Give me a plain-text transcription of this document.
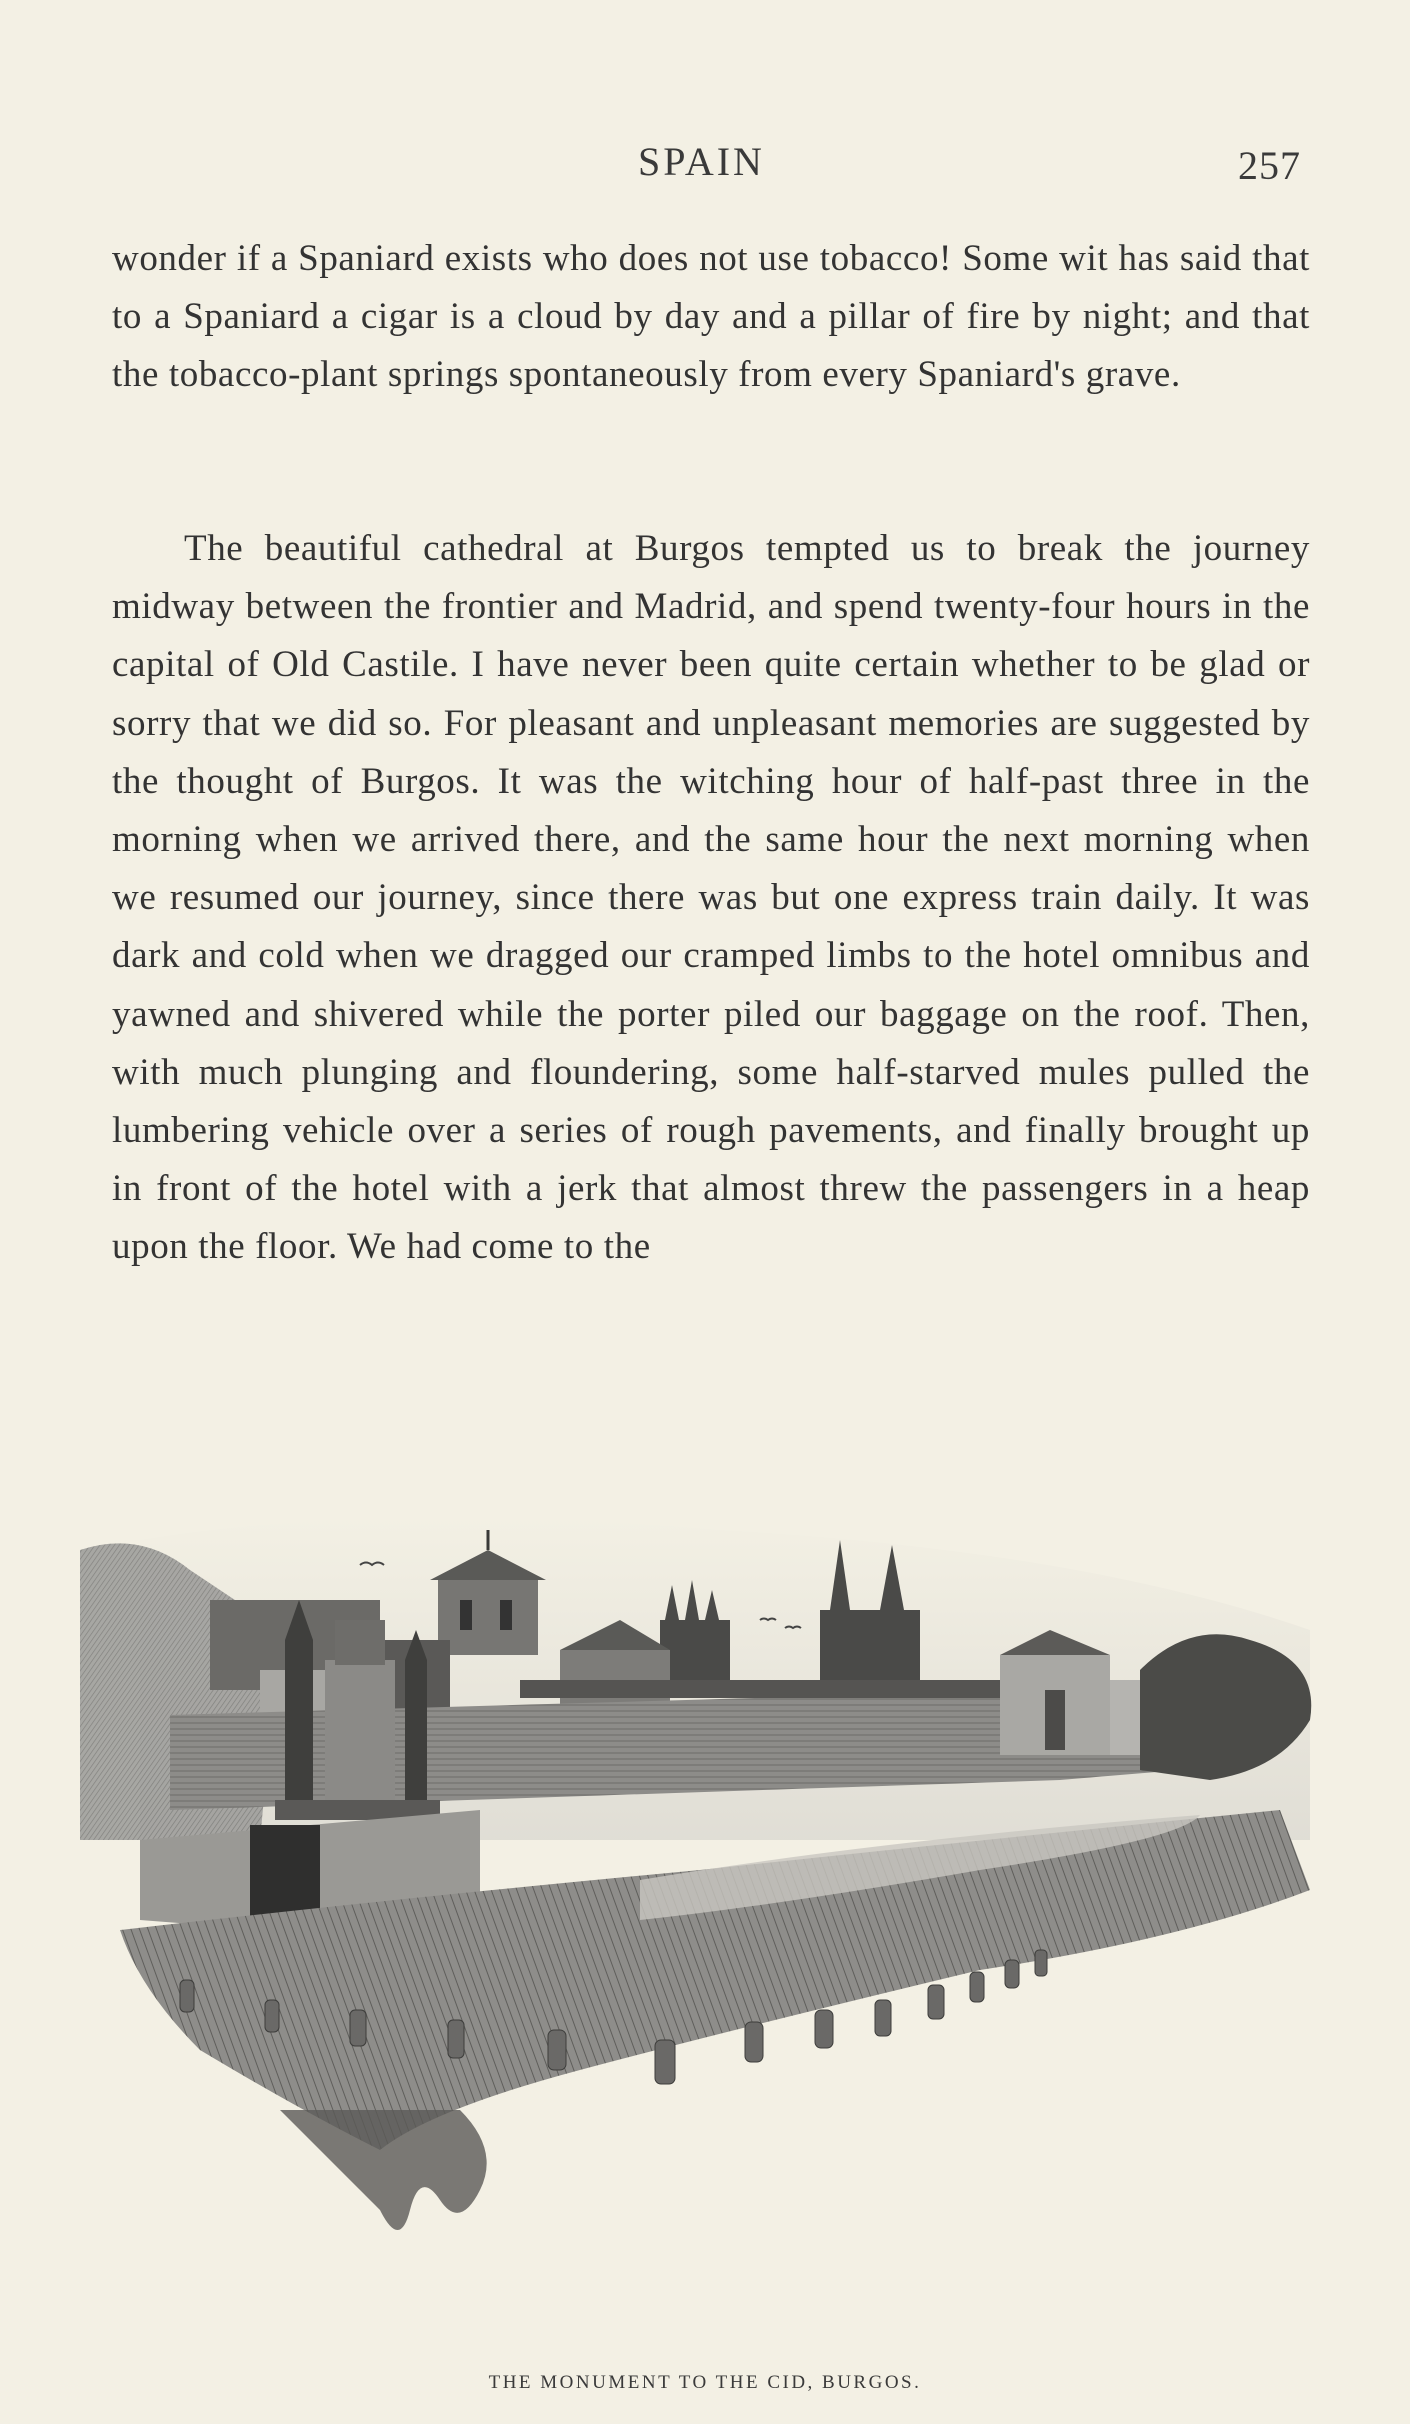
SPAIN	257

wonder if a Spaniard exists who does not use tobacco! Some wit has said that to a Spaniard a cigar is a cloud by day and a pillar of fire by night; and that the tobacco-plant springs spontaneously from every Spaniard's grave.

The beautiful cathedral at Burgos tempted us to break the journey midway between the frontier and Madrid, and spend twenty-four hours in the capital of Old Castile. I have never been quite certain whether to be glad or sorry that we did so. For pleasant and unpleasant memories are suggested by the thought of Burgos. It was the witching hour of half-past three in the morning when we arrived there, and the same hour the next morning when we resumed our journey, since there was but one express train daily. It was dark and cold when we dragged our cramped limbs to the hotel omnibus and yawned and shivered while the porter piled our baggage on the roof. Then, with much plunging and floundering, some half-starved mules pulled the lumbering vehicle over a series of rough pavements, and finally brought up in front of the hotel with a jerk that almost threw the passengers in a heap upon the floor. We had come to the

THE MONUMENT TO THE CID, BURGOS.
